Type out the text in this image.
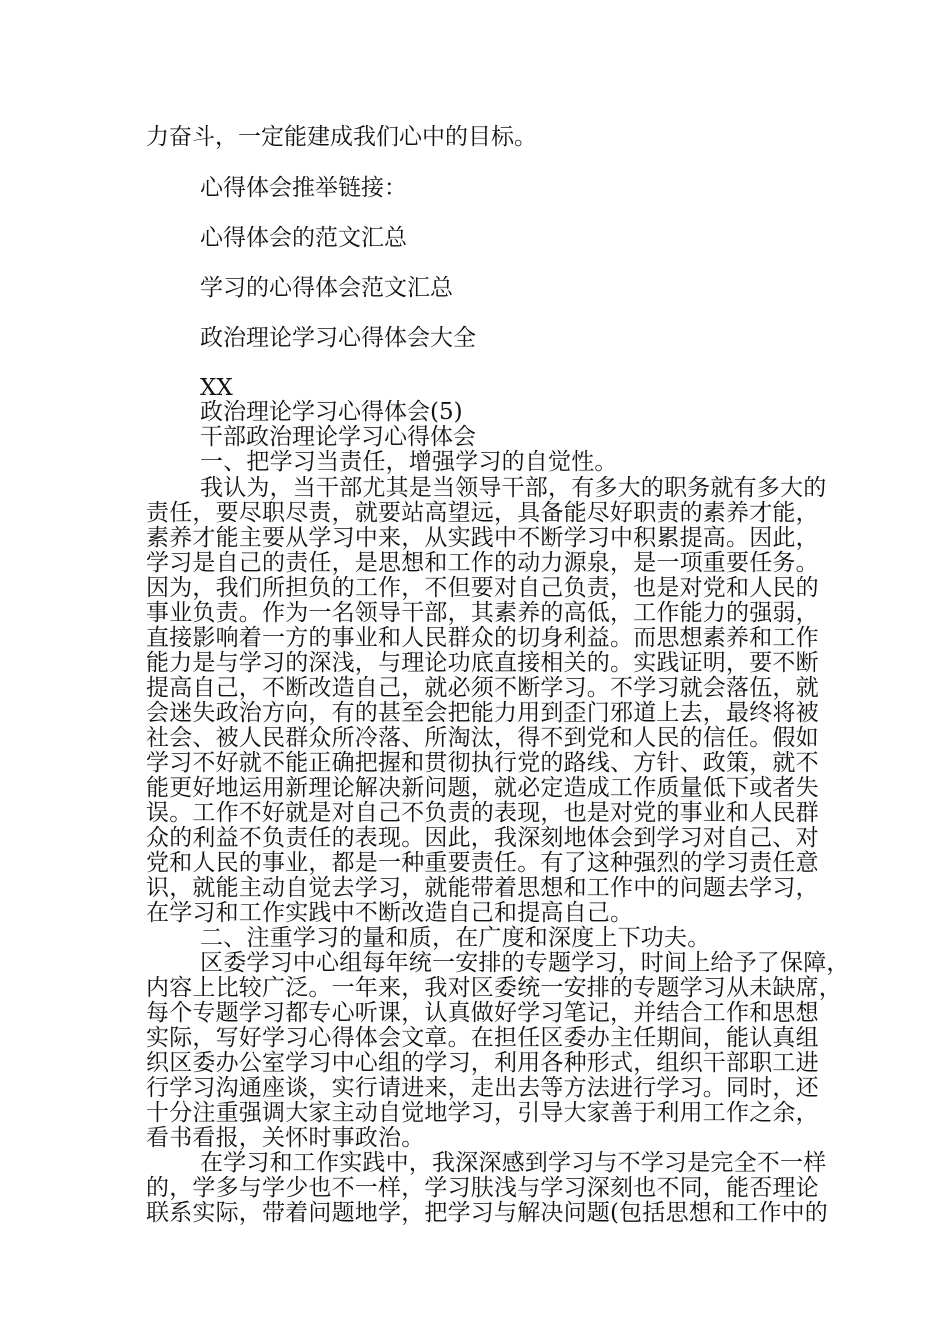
力奋斗，一定能建成我们心中的目标。
心得体会推举链接：
心得体会的范文汇总
学习的心得体会范文汇总
政治理论学习心得体会大全
XX
政治理论学习心得体会(5)
干部政治理论学习心得体会
一、把学习当责任，增强学习的自觉性。
我认为，当干部尤其是当领导干部，有多大的职务就有多大的
责任，要尽职尽责，就要站高望远，具备能尽好职责的素养才能，
素养才能主要从学习中来，从实践中不断学习中积累提高。因此，
学习是自己的责任，是思想和工作的动力源泉，是一项重要任务。
因为，我们所担负的工作，不但要对自己负责，也是对党和人民的
事业负责。作为一名领导干部，其素养的高低，工作能力的强弱，
直接影响着一方的事业和人民群众的切身利益。而思想素养和工作
能力是与学习的深浅，与理论功底直接相关的。实践证明，要不断
提高自己，不断改造自己，就必须不断学习。不学习就会落伍，就
会迷失政治方向，有的甚至会把能力用到歪门邪道上去，最终将被
社会、被人民群众所冷落、所淘汰，得不到党和人民的信任。假如
学习不好就不能正确把握和贯彻执行党的路线、方针、政策，就不
能更好地运用新理论解决新问题，就必定造成工作质量低下或者失
误。工作不好就是对自己不负责的表现，也是对党的事业和人民群
众的利益不负责任的表现。因此，我深刻地体会到学习对自己、对
党和人民的事业，都是一种重要责任。有了这种强烈的学习责任意
识，就能主动自觉去学习，就能带着思想和工作中的问题去学习，
在学习和工作实践中不断改造自己和提高自己。
二、注重学习的量和质，在广度和深度上下功夫。
区委学习中心组每年统一安排的专题学习，时间上给予了保障，
内容上比较广泛。一年来，我对区委统一安排的专题学习从未缺席，
每个专题学习都专心听课，认真做好学习笔记，并结合工作和思想
实际，写好学习心得体会文章。在担任区委办主任期间，能认真组
织区委办公室学习中心组的学习，利用各种形式，组织干部职工进
行学习沟通座谈，实行请进来，走出去等方法进行学习。同时，还
十分注重强调大家主动自觉地学习，引导大家善于利用工作之余，
看书看报，关怀时事政治。
在学习和工作实践中，我深深感到学习与不学习是完全不一样
的，学多与学少也不一样，学习肤浅与学习深刻也不同，能否理论
联系实际，带着问题地学，把学习与解决问题(包括思想和工作中的
